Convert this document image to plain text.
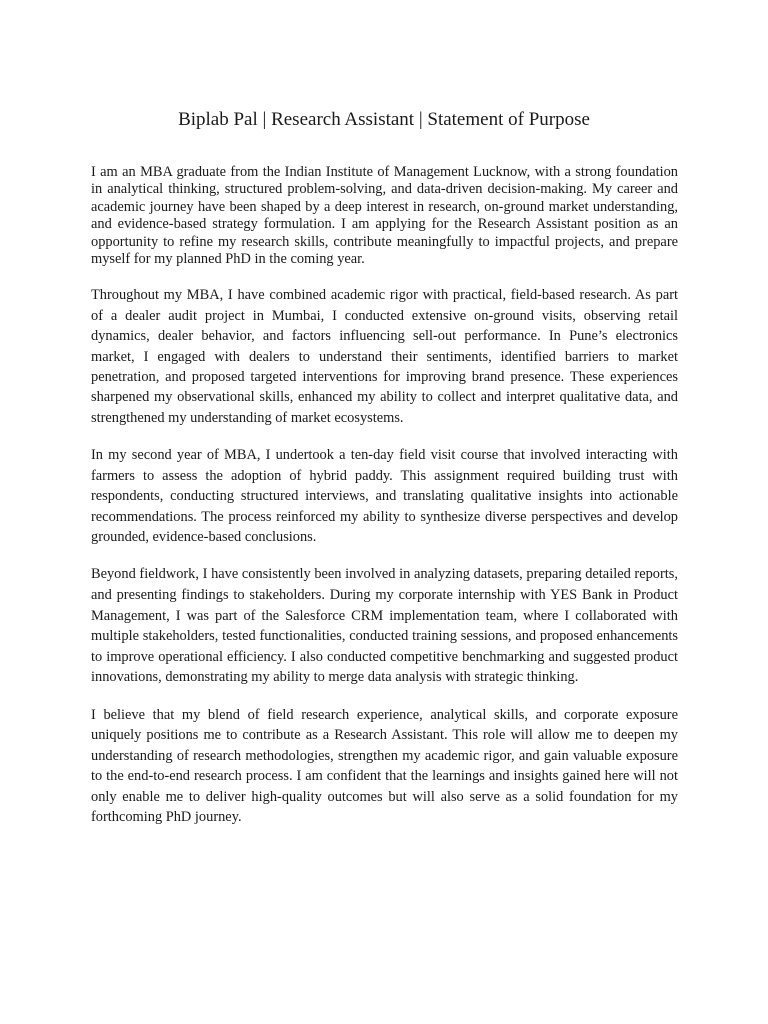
Biplab Pal | Research Assistant | Statement of Purpose

I am an MBA graduate from the Indian Institute of Management Lucknow, with a strong foundation in analytical thinking, structured problem-solving, and data-driven decision-making. My career and academic journey have been shaped by a deep interest in research, on-ground market understanding, and evidence-based strategy formulation. I am applying for the Research Assistant position as an opportunity to refine my research skills, contribute meaningfully to impactful projects, and prepare myself for my planned PhD in the coming year.

Throughout my MBA, I have combined academic rigor with practical, field-based research. As part of a dealer audit project in Mumbai, I conducted extensive on-ground visits, observing retail dynamics, dealer behavior, and factors influencing sell-out performance. In Pune’s electronics market, I engaged with dealers to understand their sentiments, identified barriers to market penetration, and proposed targeted interventions for improving brand presence. These experiences sharpened my observational skills, enhanced my ability to collect and interpret qualitative data, and strengthened my understanding of market ecosystems.

In my second year of MBA, I undertook a ten-day field visit course that involved interacting with farmers to assess the adoption of hybrid paddy. This assignment required building trust with respondents, conducting structured interviews, and translating qualitative insights into actionable recommendations. The process reinforced my ability to synthesize diverse perspectives and develop grounded, evidence-based conclusions.

Beyond fieldwork, I have consistently been involved in analyzing datasets, preparing detailed reports, and presenting findings to stakeholders. During my corporate internship with YES Bank in Product Management, I was part of the Salesforce CRM implementation team, where I collaborated with multiple stakeholders, tested functionalities, conducted training sessions, and proposed enhancements to improve operational efficiency. I also conducted competitive benchmarking and suggested product innovations, demonstrating my ability to merge data analysis with strategic thinking.

I believe that my blend of field research experience, analytical skills, and corporate exposure uniquely positions me to contribute as a Research Assistant. This role will allow me to deepen my understanding of research methodologies, strengthen my academic rigor, and gain valuable exposure to the end-to-end research process. I am confident that the learnings and insights gained here will not only enable me to deliver high-quality outcomes but will also serve as a solid foundation for my forthcoming PhD journey.
